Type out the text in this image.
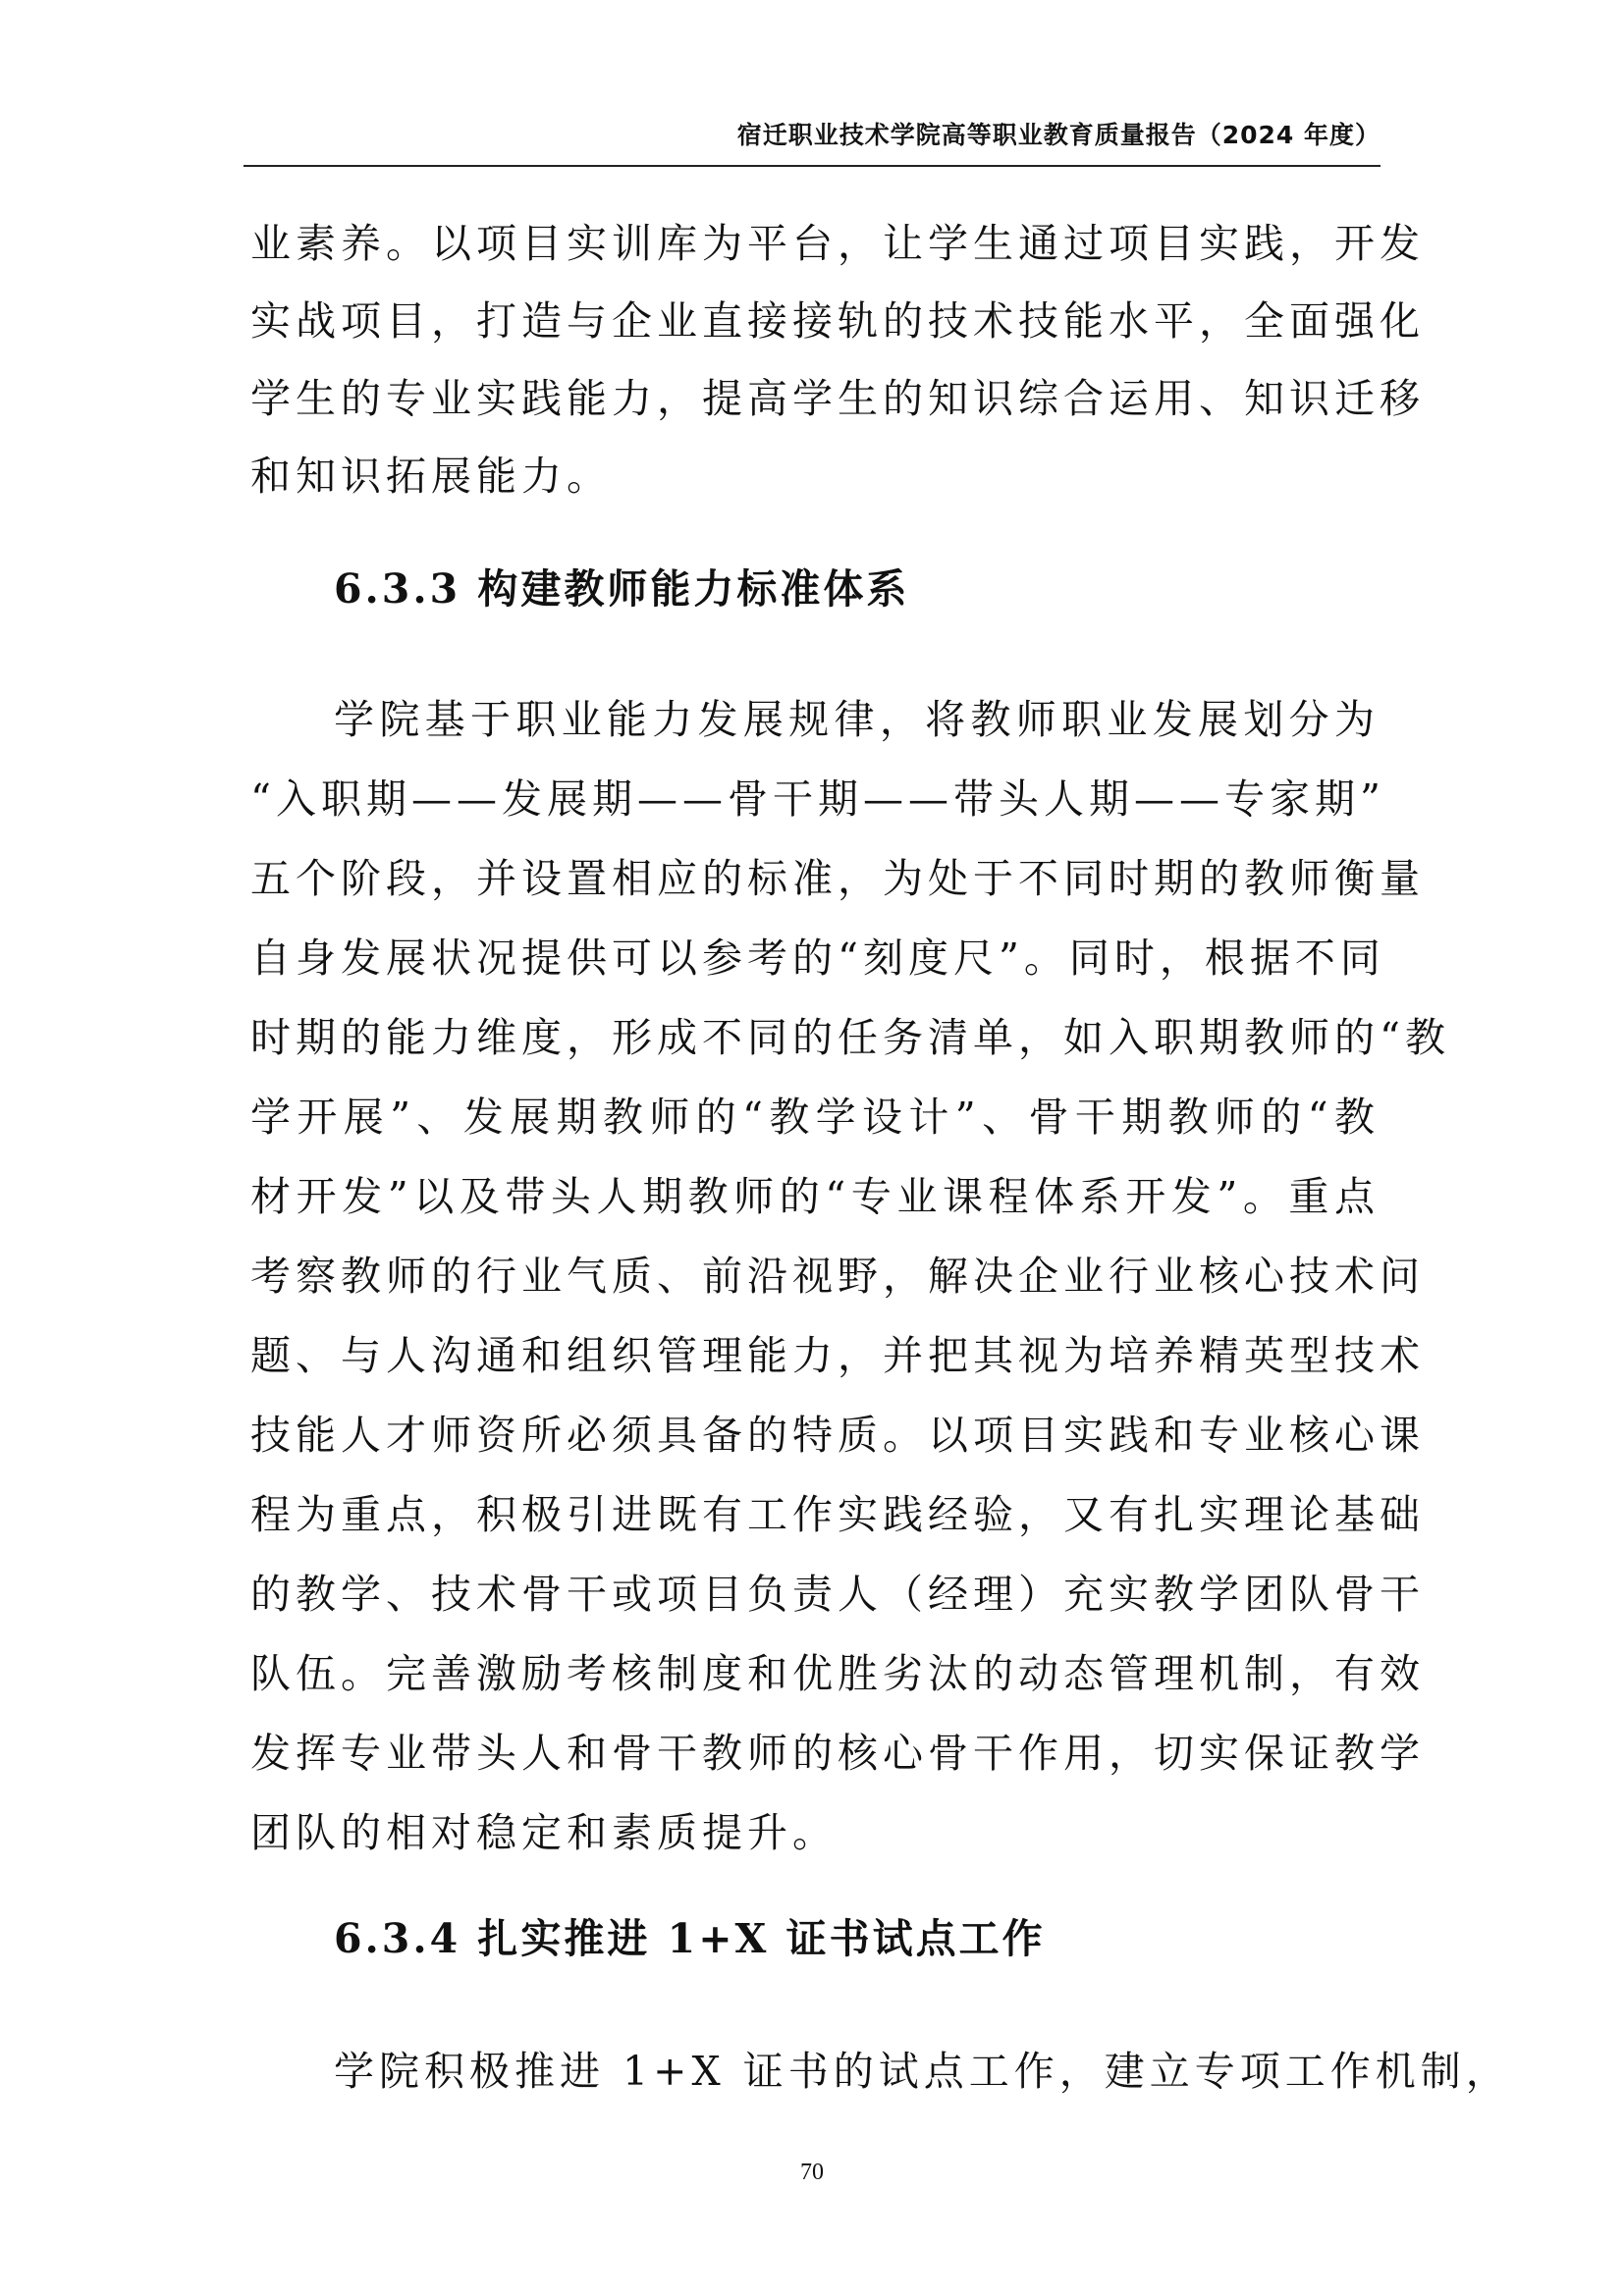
宿迁职业技术学院高等职业教育质量报告（2024 年度）
业素养。以项目实训库为平台，让学生通过项目实践，开发
实战项目，打造与企业直接接轨的技术技能水平，全面强化
学生的专业实践能力，提高学生的知识综合运用、知识迁移
和知识拓展能力。
6.3.3 构建教师能力标准体系
学院基于职业能力发展规律，将教师职业发展划分为
“入职期——发展期——骨干期——带头人期——专家期”
五个阶段，并设置相应的标准，为处于不同时期的教师衡量
自身发展状况提供可以参考的“刻度尺”。同时，根据不同
时期的能力维度，形成不同的任务清单，如入职期教师的“教
学开展”、发展期教师的“教学设计”、骨干期教师的“教
材开发”以及带头人期教师的“专业课程体系开发”。重点
考察教师的行业气质、前沿视野，解决企业行业核心技术问
题、与人沟通和组织管理能力，并把其视为培养精英型技术
技能人才师资所必须具备的特质。以项目实践和专业核心课
程为重点，积极引进既有工作实践经验，又有扎实理论基础
的教学、技术骨干或项目负责人（经理）充实教学团队骨干
队伍。完善激励考核制度和优胜劣汰的动态管理机制，有效
发挥专业带头人和骨干教师的核心骨干作用，切实保证教学
团队的相对稳定和素质提升。
6.3.4 扎实推进 1+X 证书试点工作
学院积极推进 1+X 证书的试点工作，建立专项工作机制，
70
